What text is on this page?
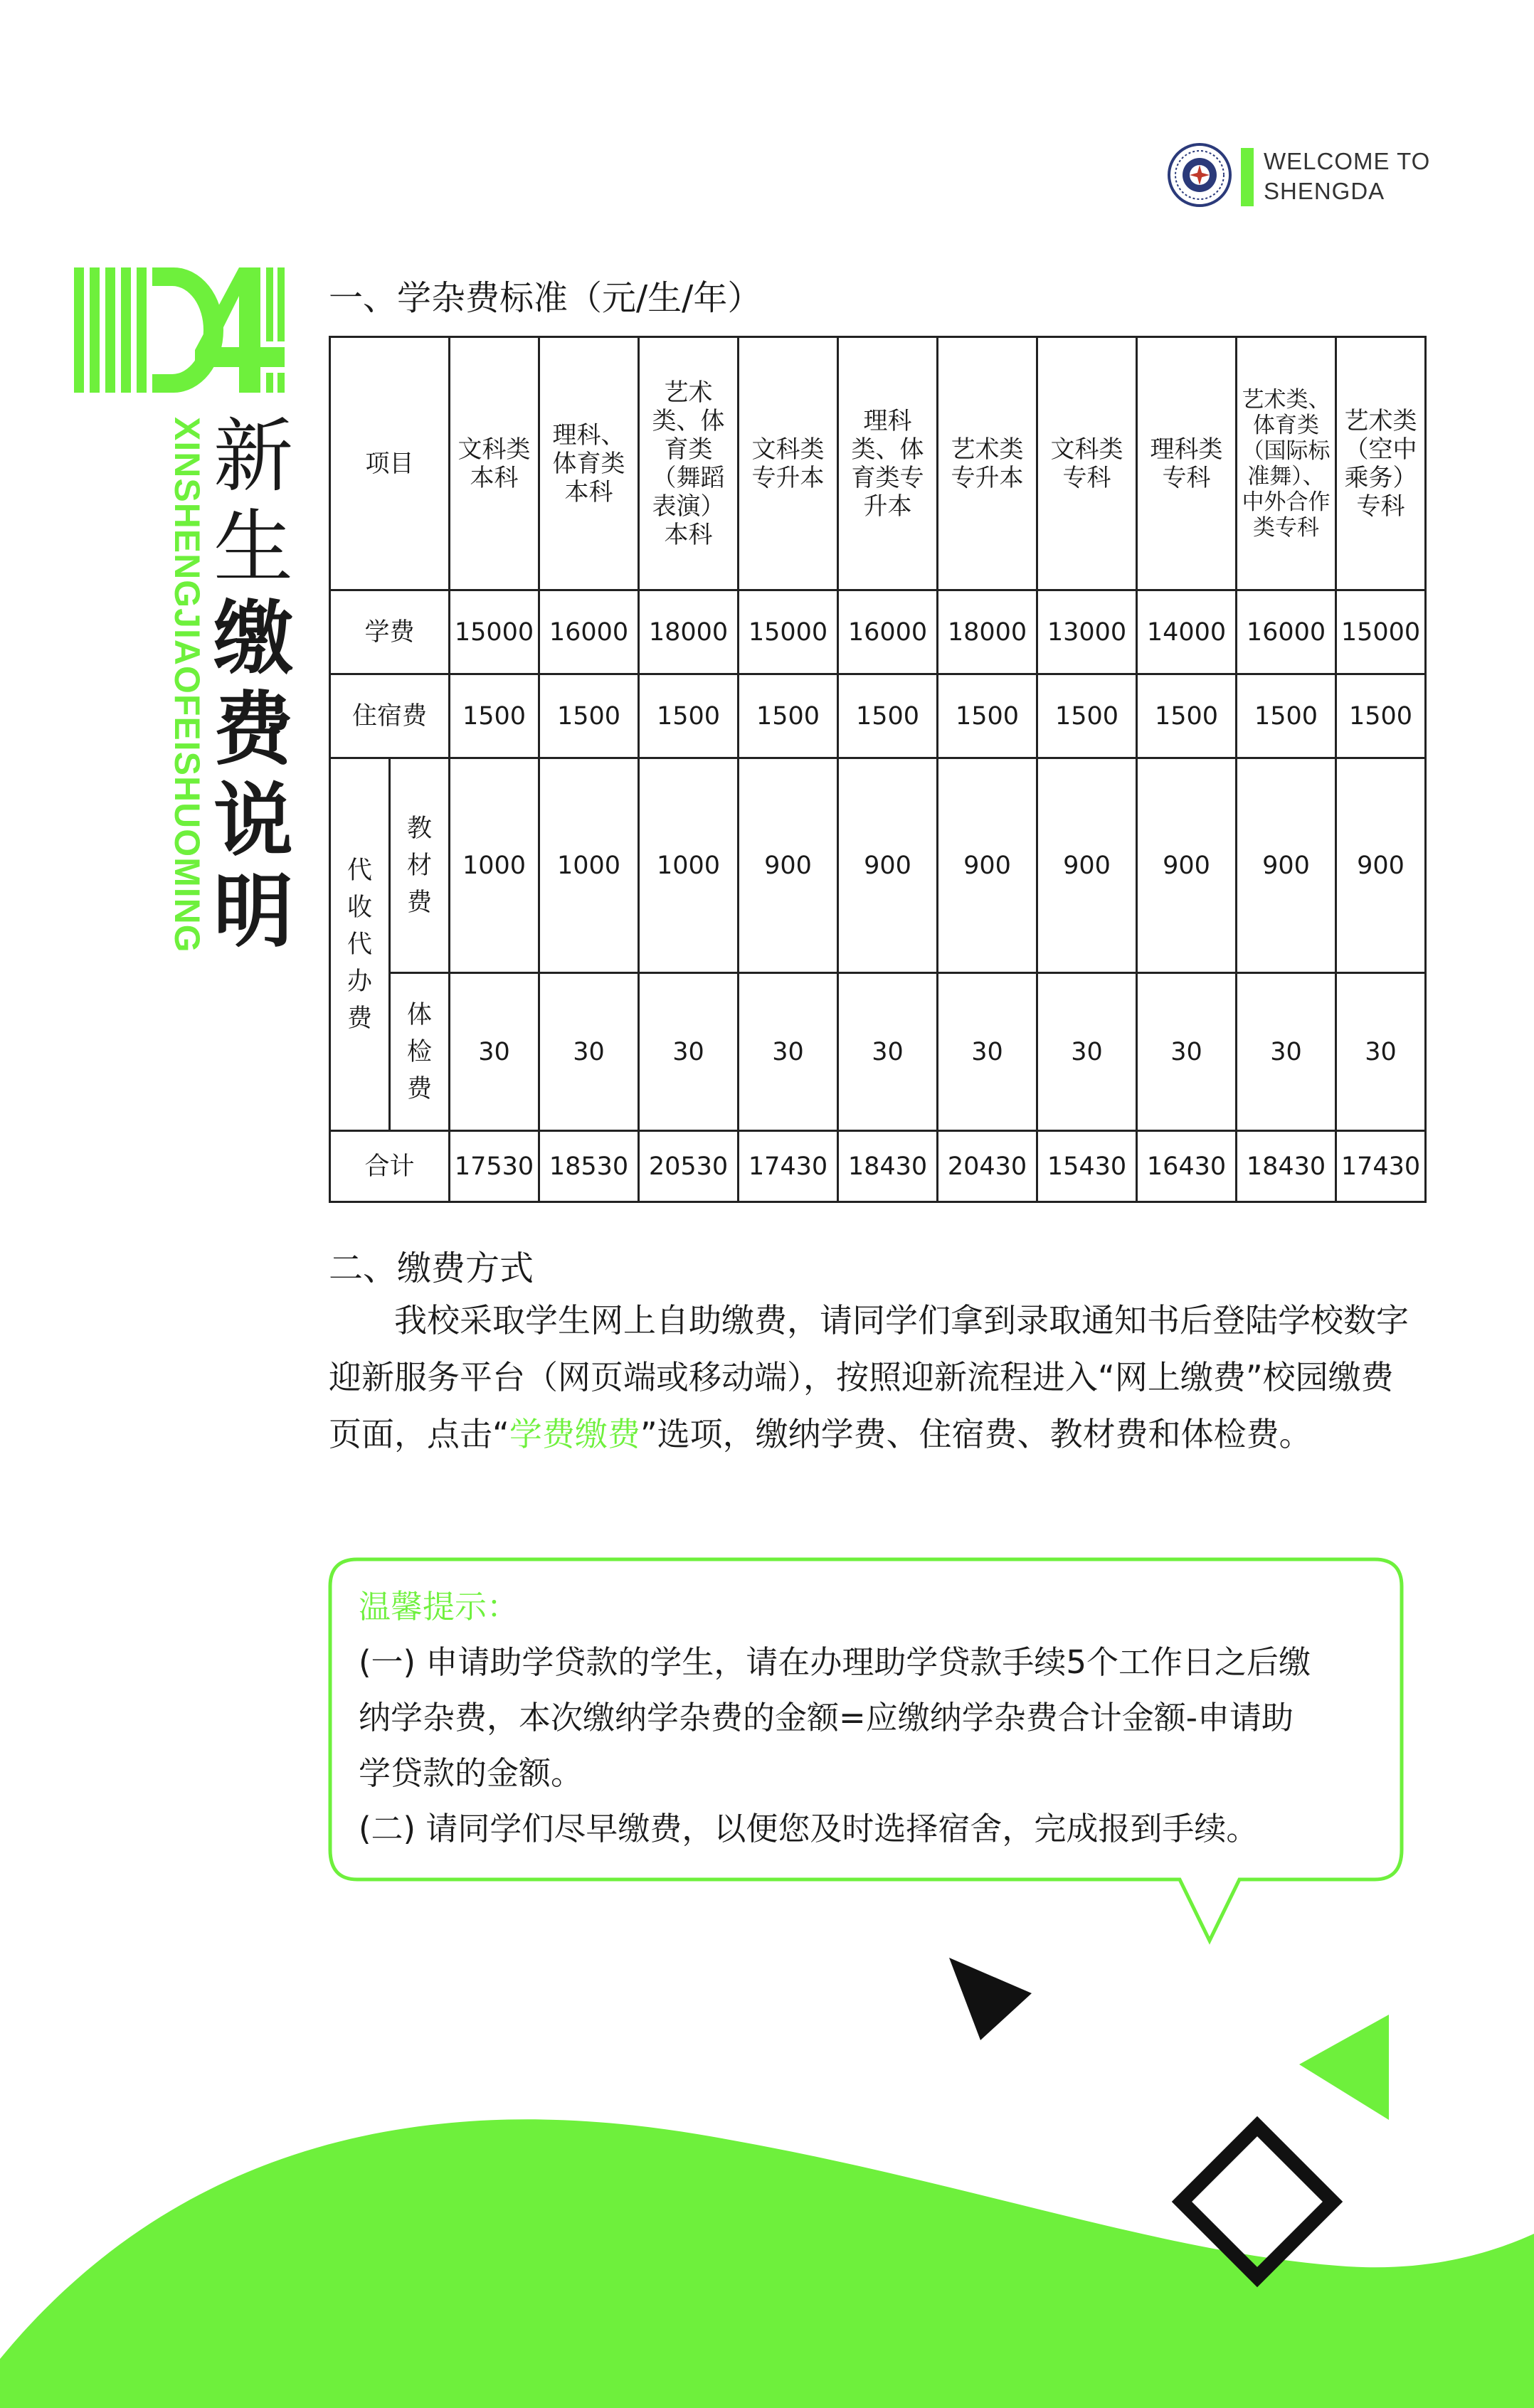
WELCOME TO
SHENGDA
XINSHENGJIAOFEISHUOMING 新
生
缴
费
说
明
一、学杂费标准（元/生/年）
项目		文科类本科	理科、体育类本科	艺术类、体育类（舞蹈表演）本科	文科类专升本	理科类、体育类专升本	艺术类专升本	文科类专科	理科类专科	艺术类、体育类（国际标准舞）、中外合作类专科	艺术类（空中乘务）专科
学费		15000	16000	18000	15000	16000	18000	13000	14000	16000	15000
住宿费		1500	1500	1500	1500	1500	1500	1500	1500	1500	1500
代收代办费	教材费	1000	1000	1000	900	900	900	900	900	900	900
	体检费	30	30	30	30	30	30	30	30	30	30
合计		17530	18530	20530	17430	18430	20430	15430	16430	18430	17430
二、缴费方式
我校采取学生网上自助缴费，请同学们拿到录取通知书后登陆学校数字迎新服务平台（网页端或移动端），按照迎新流程进入“网上缴费”校园缴费页面，点击“学费缴费”选项，缴纳学费、住宿费、教材费和体检费。
温馨提示：
(一) 申请助学贷款的学生，请在办理助学贷款手续5个工作日之后缴
纳学杂费，本次缴纳学杂费的金额=应缴纳学杂费合计金额-申请助
学贷款的金额。
(二) 请同学们尽早缴费，以便您及时选择宿舍，完成报到手续。
